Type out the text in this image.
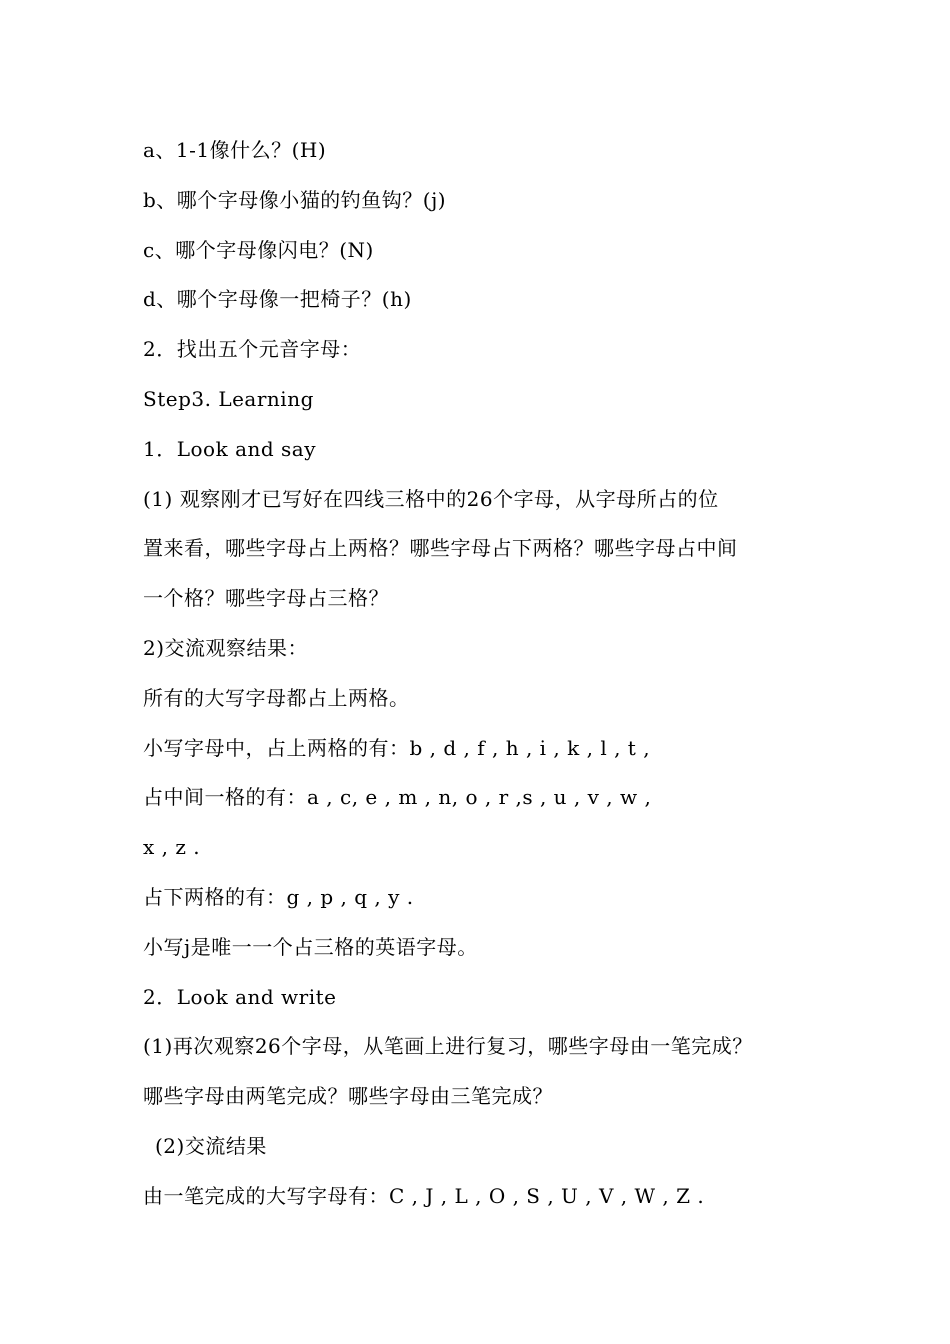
a、1-1像什么？(H)
b、哪个字母像小猫的钓鱼钩？(j)
c、哪个字母像闪电？(N)
d、哪个字母像一把椅子？(h)
2．找出五个元音字母：
Step3. Learning
1．Look and say
(1) 观察刚才已写好在四线三格中的26个字母，从字母所占的位
置来看，哪些字母占上两格？哪些字母占下两格？哪些字母占中间
一个格？哪些字母占三格？
2)交流观察结果：
所有的大写字母都占上两格。
小写字母中，占上两格的有：b , d , f , h , i , k , l , t ,
占中间一格的有：a , c, e , m , n, o , r ,s , u , v , w ,
x , z .
占下两格的有：g , p , q , y .
小写j是唯一一个占三格的英语字母。
2．Look and write
(1)再次观察26个字母，从笔画上进行复习，哪些字母由一笔完成？
哪些字母由两笔完成？哪些字母由三笔完成？
(2)交流结果
由一笔完成的大写字母有：C , J , L , O , S , U , V , W , Z .
